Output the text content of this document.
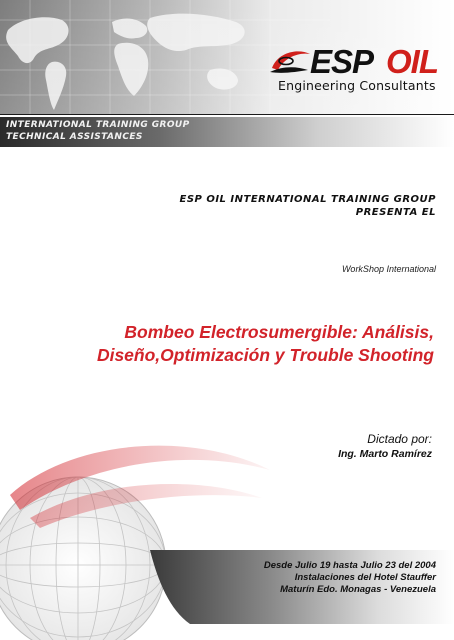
ESP OIL
Engineering Consultants
INTERNATIONAL TRAINING GROUP
TECHNICAL ASSISTANCES
ESP OIL INTERNATIONAL TRAINING GROUP
PRESENTA EL
WorkShop International
Bombeo Electrosumergible: Análisis,
Diseño,Optimización y Trouble Shooting
Dictado por:
Ing. Marto Ramírez
Desde Julio 19 hasta Julio 23 del 2004
Instalaciones del Hotel Stauffer
Maturín Edo. Monagas - Venezuela
